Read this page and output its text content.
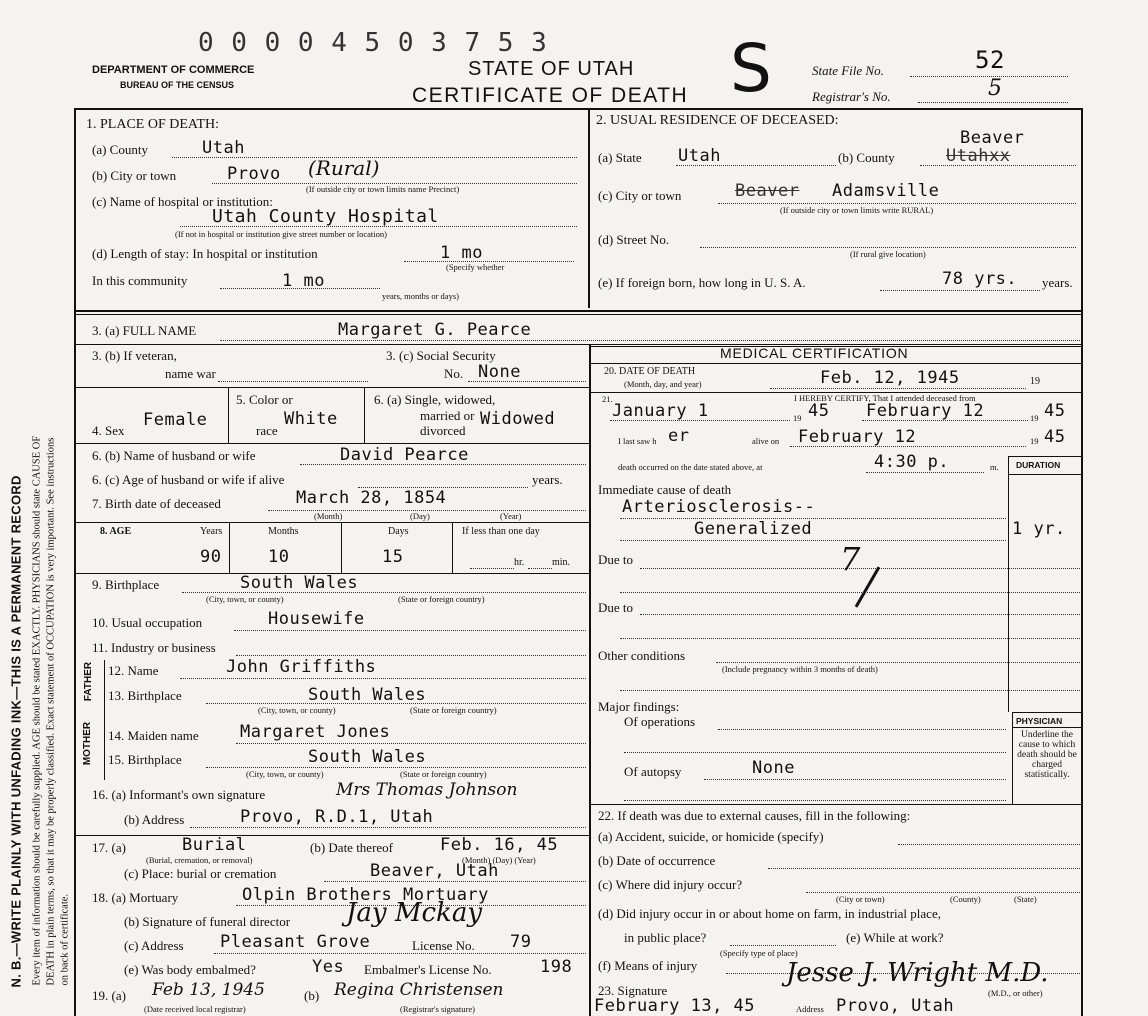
N. B.—WRITE PLAINLY WITH UNFADING INK—THIS IS A PERMANENT RECORD Every item of information should be carefully supplied. AGE should be stated EXACTLY. PHYSICIANS should state CAUSE OF DEATH in plain terms, so that it may be properly classified. Exact statement of OCCUPATION is very important. See instructions on back of certificate.
0 0 0 0 4 5 0 3 7 5 3
DEPARTMENT OF COMMERCE
BUREAU OF THE CENSUS
STATE OF UTAH
CERTIFICATE OF DEATH S	State File No.	52
Registrar's No.	5
1. PLACE OF DEATH:
(a) County	Utah
(b) City or town	Provo (Rural)
(If outside city or town limits name Precinct)
(c) Name of hospital or institution:
Utah County Hospital
(If not in hospital or institution give street number or location)
(d) Length of stay: In hospital or institution	1 mo
(Specify whether
In this community	1 mo
years, months or days)
2. USUAL RESIDENCE OF DECEASED:
Beaver
(a) State Utah	(b) County	Utahxx
(c) City or town	Beaver Adamsville
(If outside city or town limits write RURAL)
(d) Street No.
(If rural give location)
(e) If foreign born, how long in U. S. A.	78 yrs. years.
3. (a) FULL NAME	Margaret G. Pearce
3. (b) If veteran,
name war
3. (c) Social Security
No. None
4. Sex
Female
5. Color or
race
White
6. (a) Single, widowed,
married or
divorced
Widowed
6. (b) Name of husband or wife	David Pearce
6. (c) Age of husband or wife if alive	years.
7. Birth date of deceased	March 28, 1854
(Month)	(Day)	(Year)
8. AGE	Years	Months	Days	If less than one day
90	10	15	hr.	min.
9. Birthplace	South Wales
(City, town, or county)	(State or foreign country)
10. Usual occupation	Housewife
11. Industry or business
FATHER
MOTHER
12. Name	John Griffiths
13. Birthplace	South Wales
(City, town, or county)	(State or foreign country)
14. Maiden name Margaret Jones
15. Birthplace	South Wales
(City, town, or county)	(State or foreign country)
16. (a) Informant's own signature	Mrs Thomas Johnson
(b) Address	Provo, R.D.1, Utah
17. (a)	Burial
(Burial, cremation, or removal)
(b) Date thereof	Feb. 16, 45
(Month) (Day) (Year)
(c) Place: burial or cremation	Beaver, Utah
18. (a) Mortuary	Olpin Brothers Mortuary
(b) Signature of funeral director Jay Mckay
(c) Address Pleasant Grove	License No. 79
(e) Was body embalmed?	Yes Embalmer's License No.	198
19. (a) Feb 13, 1945
(Date received local registrar)
(b) Regina Christensen
(Registrar's signature)
MEDICAL CERTIFICATION
20. DATE OF DEATH
(Month, day, and year)	Feb. 12, 1945	19
21.	I HEREBY CERTIFY, That I attended deceased from
January 1	19 45 February 12	19 45
I last saw h er	alive on February 12	19 45
death occurred on the date stated above, at	4:30 p.	m. DURATION
Immediate cause of death
Arteriosclerosis--
Generalized	1 yr.
Due to	7
Due to
Other conditions
(Include pregnancy within 3 months of death)
Major findings:
Of operations
Of autopsy	None
PHYSICIAN
Underline the cause to which death should be charged statistically.
22. If death was due to external causes, fill in the following:
(a) Accident, suicide, or homicide (specify)
(b) Date of occurrence
(c) Where did injury occur?
(City or town)	(County)	(State)
(d) Did injury occur in or about home on farm, in industrial place,
in public place?	(e) While at work?
(Specify type of place)
(f) Means of injury
23. Signature
Jesse J. Wright M.D.
(M.D., or other)
February 13, 45	Address Provo, Utah
